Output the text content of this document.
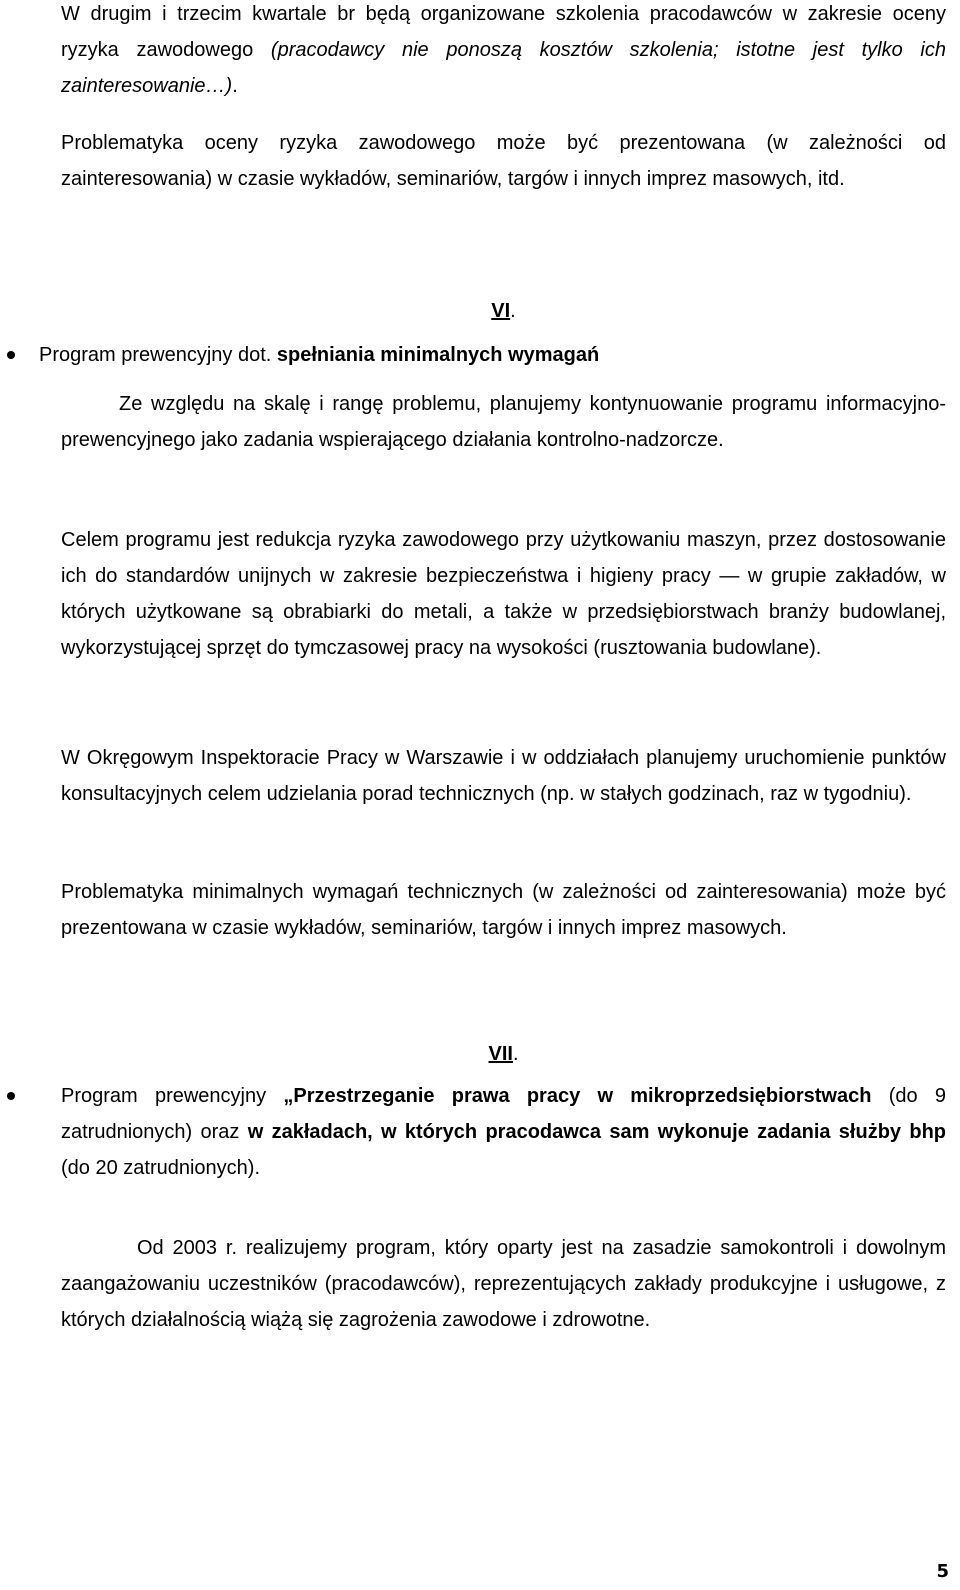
W drugim i trzecim kwartale br będą organizowane szkolenia pracodawców w zakresie oceny ryzyka zawodowego (pracodawcy nie ponoszą kosztów szkolenia; istotne jest tylko ich zainteresowanie…).

Problematyka oceny ryzyka zawodowego może być prezentowana (w zależności od zainteresowania) w czasie wykładów, seminariów, targów i innych imprez masowych, itd.

VI.
Program prewencyjny dot. spełniania minimalnych wymagań

Ze względu na skalę i rangę problemu, planujemy kontynuowanie programu informacyjno-prewencyjnego jako zadania wspierającego działania kontrolno-nadzorcze.

Celem programu jest redukcja ryzyka zawodowego przy użytkowaniu maszyn, przez dostosowanie ich do standardów unijnych w zakresie bezpieczeństwa i higieny pracy — w grupie zakładów, w których użytkowane są obrabiarki do metali, a także w przedsiębiorstwach branży budowlanej, wykorzystującej sprzęt do tymczasowej pracy na wysokości (rusztowania budowlane).

W Okręgowym Inspektoracie Pracy w Warszawie i w oddziałach planujemy uruchomienie punktów konsultacyjnych celem udzielania porad technicznych (np. w stałych godzinach, raz w tygodniu).

Problematyka minimalnych wymagań technicznych (w zależności od zainteresowania) może być prezentowana w czasie wykładów, seminariów, targów i innych imprez masowych.

VII.

Program prewencyjny „Przestrzeganie prawa pracy w mikroprzedsiębiorstwach (do 9 zatrudnionych) oraz w zakładach, w których pracodawca sam wykonuje zadania służby bhp (do 20 zatrudnionych).

Od 2003 r. realizujemy program, który oparty jest na zasadzie samokontroli i dowolnym zaangażowaniu uczestników (pracodawców), reprezentujących zakłady produkcyjne i usługowe, z których działalnością wiążą się zagrożenia zawodowe i zdrowotne.

5
